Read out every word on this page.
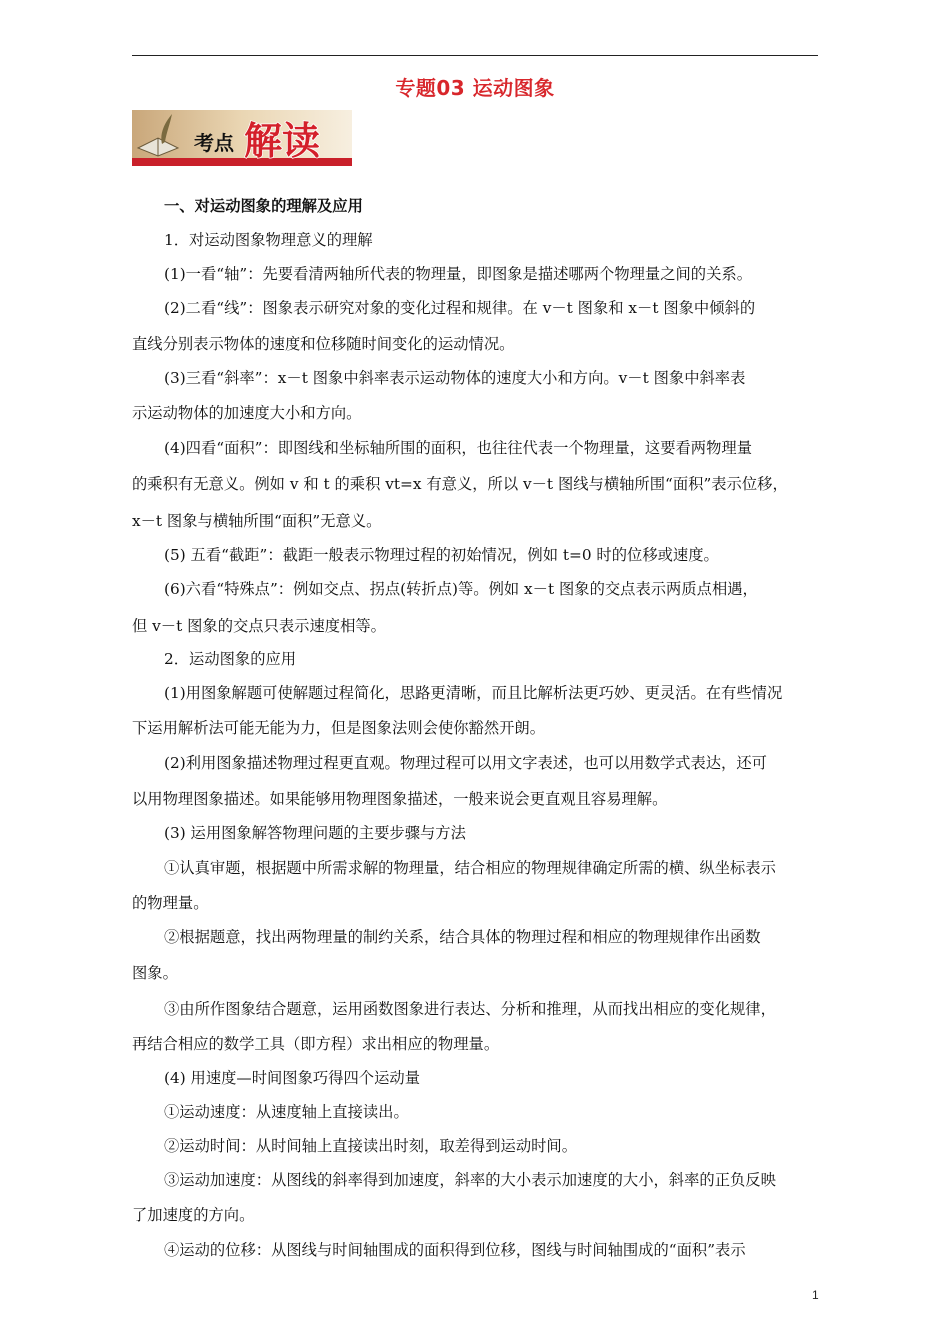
专题03 运动图象
考点 解读
一、对运动图象的理解及应用
1．对运动图象物理意义的理解
(1)一看“轴”：先要看清两轴所代表的物理量，即图象是描述哪两个物理量之间的关系。
(2)二看“线”：图象表示研究对象的变化过程和规律。在 v－t 图象和 x－t 图象中倾斜的
直线分别表示物体的速度和位移随时间变化的运动情况。
(3)三看“斜率”：x－t 图象中斜率表示运动物体的速度大小和方向。v－t 图象中斜率表
示运动物体的加速度大小和方向。
(4)四看“面积”：即图线和坐标轴所围的面积，也往往代表一个物理量，这要看两物理量
的乘积有无意义。例如 v 和 t 的乘积 vt=x 有意义，所以 v－t 图线与横轴所围“面积”表示位移，
x－t 图象与横轴所围“面积”无意义。
(5) 五看“截距”：截距一般表示物理过程的初始情况，例如 t=0 时的位移或速度。
(6)六看“特殊点”：例如交点、拐点(转折点)等。例如 x－t 图象的交点表示两质点相遇，
但 v－t 图象的交点只表示速度相等。
2．运动图象的应用
(1)用图象解题可使解题过程简化，思路更清晰，而且比解析法更巧妙、更灵活。在有些情况
下运用解析法可能无能为力，但是图象法则会使你豁然开朗。
(2)利用图象描述物理过程更直观。物理过程可以用文字表述，也可以用数学式表达，还可
以用物理图象描述。如果能够用物理图象描述，一般来说会更直观且容易理解。
(3) 运用图象解答物理问题的主要步骤与方法
①认真审题，根据题中所需求解的物理量，结合相应的物理规律确定所需的横、纵坐标表示
的物理量。
②根据题意，找出两物理量的制约关系，结合具体的物理过程和相应的物理规律作出函数
图象。
③由所作图象结合题意，运用函数图象进行表达、分析和推理，从而找出相应的变化规律，
再结合相应的数学工具（即方程）求出相应的物理量。
(4) 用速度—时间图象巧得四个运动量
①运动速度：从速度轴上直接读出。
②运动时间：从时间轴上直接读出时刻，取差得到运动时间。
③运动加速度：从图线的斜率得到加速度，斜率的大小表示加速度的大小，斜率的正负反映
了加速度的方向。
④运动的位移：从图线与时间轴围成的面积得到位移，图线与时间轴围成的“面积”表示
1
